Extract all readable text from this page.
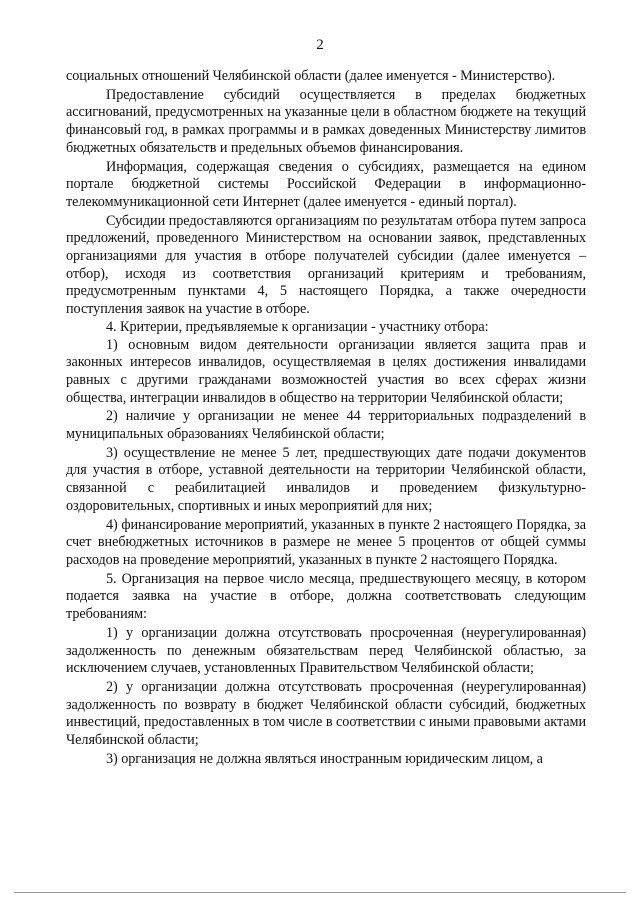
2

социальных отношений Челябинской области (далее именуется - Министерство).

Предоставление субсидий осуществляется в пределах бюджетных ассигнований, предусмотренных на указанные цели в областном бюджете на текущий финансовый год, в рамках программы и в рамках доведенных Министерству лимитов бюджетных обязательств и предельных объемов финансирования.

Информация, содержащая сведения о субсидиях, размещается на едином портале бюджетной системы Российской Федерации в информационно-телекоммуникационной сети Интернет (далее именуется - единый портал).

Субсидии предоставляются организациям по результатам отбора путем запроса предложений, проведенного Министерством на основании заявок, представленных организациями для участия в отборе получателей субсидии (далее именуется – отбор), исходя из соответствия организаций критериям и требованиям, предусмотренным пунктами 4, 5 настоящего Порядка, а также очередности поступления заявок на участие в отборе.

4. Критерии, предъявляемые к организации - участнику отбора:

1) основным видом деятельности организации является защита прав и законных интересов инвалидов, осуществляемая в целях достижения инвалидами равных с другими гражданами возможностей участия во всех сферах жизни общества, интеграции инвалидов в общество на территории Челябинской области;

2) наличие у организации не менее 44 территориальных подразделений в муниципальных образованиях Челябинской области;

3) осуществление не менее 5 лет, предшествующих дате подачи документов для участия в отборе, уставной деятельности на территории Челябинской области, связанной с реабилитацией инвалидов и проведением физкультурно-оздоровительных, спортивных и иных мероприятий для них;

4) финансирование мероприятий, указанных в пункте 2 настоящего Порядка, за счет внебюджетных источников в размере не менее 5 процентов от общей суммы расходов на проведение мероприятий, указанных в пункте 2 настоящего Порядка.

5. Организация на первое число месяца, предшествующего месяцу, в котором подается заявка на участие в отборе, должна соответствовать следующим требованиям:

1) у организации должна отсутствовать просроченная (неурегулированная) задолженность по денежным обязательствам перед Челябинской областью, за исключением случаев, установленных Правительством Челябинской области;

2) у организации должна отсутствовать просроченная (неурегулированная) задолженность по возврату в бюджет Челябинской области субсидий, бюджетных инвестиций, предоставленных в том числе в соответствии с иными правовыми актами Челябинской области;

3) организация не должна являться иностранным юридическим лицом, а
